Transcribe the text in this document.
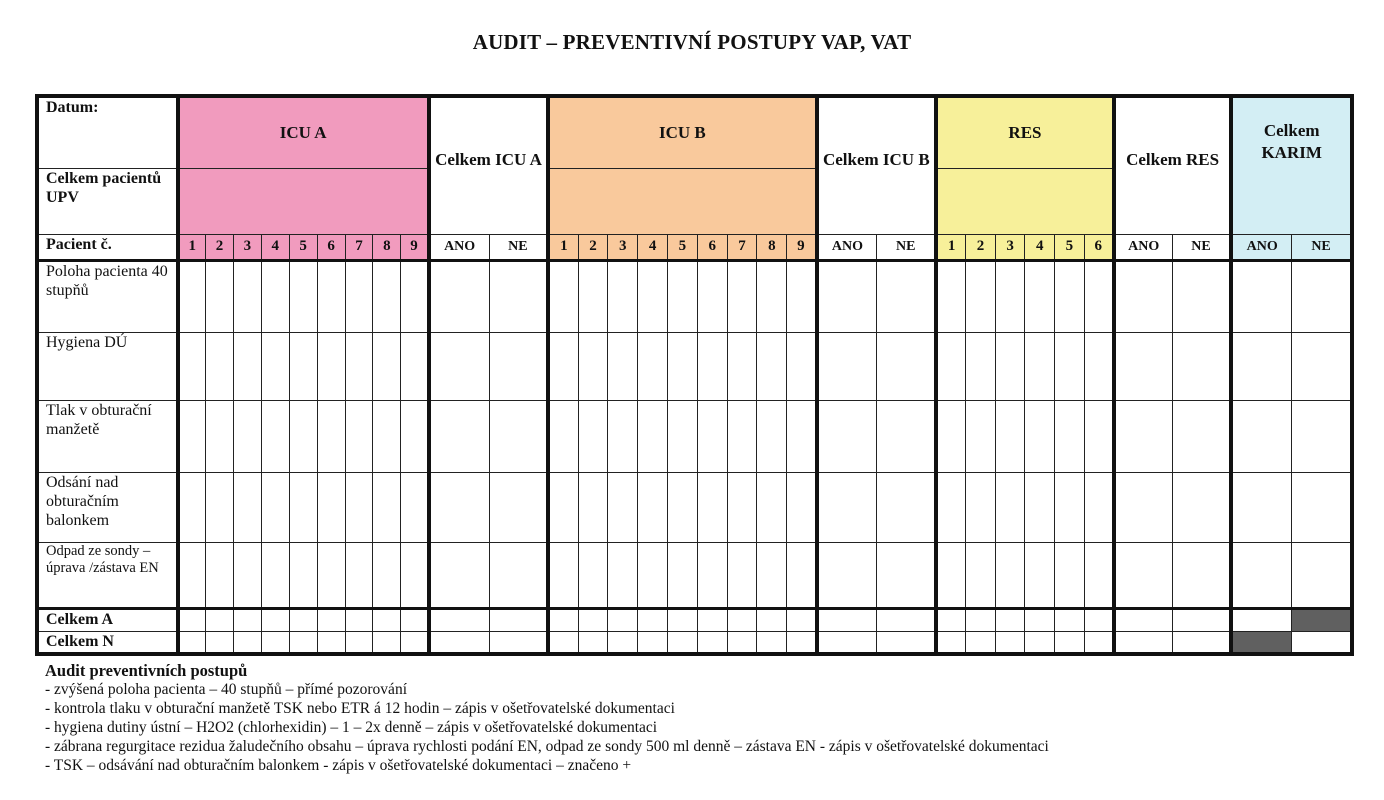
AUDIT – PREVENTIVNÍ POSTUPY VAP, VAT
Datum:	ICU A									Celkem ICU A		ICU B									Celkem ICU B		RES						Celkem RES		Celkem KARIM	
Celkem pacientů UPV																																
Pacient č.	1	2	3	4	5	6	7	8	9	ANO	NE	1	2	3	4	5	6	7	8	9	ANO	NE	1	2	3	4	5	6	ANO	NE	ANO	NE
Poloha pacienta 40 stupňů																																
Hygiena DÚ																																
Tlak v obturační manžetě																																
Odsání nad obturačním balonkem																																
Odpad ze sondy – úprava /zástava EN																																
Celkem A																																
Celkem N																																
Audit preventivních postupů
- zvýšená poloha pacienta – 40 stupňů – přímé pozorování
- kontrola tlaku v obturační manžetě TSK nebo ETR á 12 hodin – zápis v ošetřovatelské dokumentaci
- hygiena dutiny ústní – H2O2 (chlorhexidin) – 1 – 2x denně – zápis v ošetřovatelské dokumentaci
- zábrana regurgitace rezidua žaludečního obsahu – úprava rychlosti podání EN, odpad ze sondy 500 ml denně – zástava EN - zápis v ošetřovatelské dokumentaci
- TSK – odsávání nad obturačním balonkem - zápis v ošetřovatelské dokumentaci – značeno +
